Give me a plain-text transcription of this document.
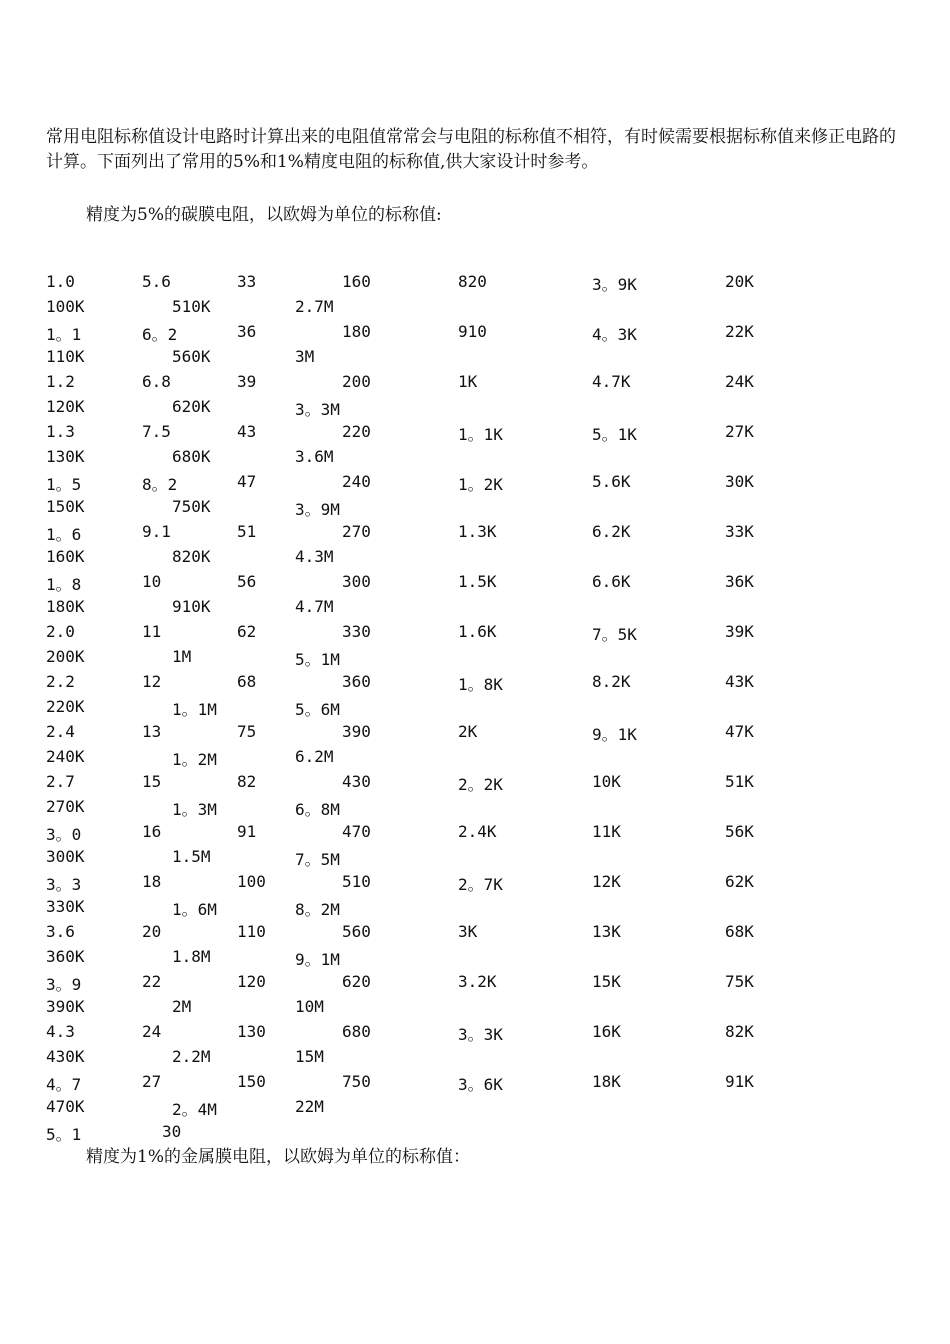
常用电阻标称值设计电路时计算出来的电阻值常常会与电阻的标称值不相符，有时候需要根据标称值来修正电路的计算。下面列出了常用的5%和1%精度电阻的标称值,供大家设计时参考。
精度为5%的碳膜电阻，以欧姆为单位的标称值:
1.0	5.6	33	160	820	3。9K	20K
100K	510K	2.7M
1。1	6。2	36	180	910	4。3K	22K
110K	560K	3M
1.2	6.8	39	200	1K	4.7K	24K
120K	620K	3。3M
1.3	7.5	43	220	1。1K	5。1K	27K
130K	680K	3.6M
1。5	8。2	47	240	1。2K	5.6K	30K
150K	750K	3。9M
1。6	9.1	51	270	1.3K	6.2K	33K
160K	820K	4.3M
1。8	10	56	300	1.5K	6.6K	36K
180K	910K	4.7M
2.0	11	62	330	1.6K	7。5K	39K
200K	1M	5。1M
2.2	12	68	360	1。8K	8.2K	43K
220K	1。1M	5。6M
2.4	13	75	390	2K	9。1K	47K
240K	1。2M	6.2M
2.7	15	82	430	2。2K	10K	51K
270K	1。3M	6。8M
3。0	16	91	470	2.4K	11K	56K
300K	1.5M	7。5M
3。3	18	100	510	2。7K	12K	62K
330K	1。6M	8。2M
3.6	20	110	560	3K	13K	68K
360K	1.8M	9。1M
3。9	22	120	620	3.2K	15K	75K
390K	2M	10M
4.3	24	130	680	3。3K	16K	82K
430K	2.2M	15M
4。7	27	150	750	3。6K	18K	91K
470K	2。4M	22M
5。1	30
精度为1%的金属膜电阻，以欧姆为单位的标称值：
